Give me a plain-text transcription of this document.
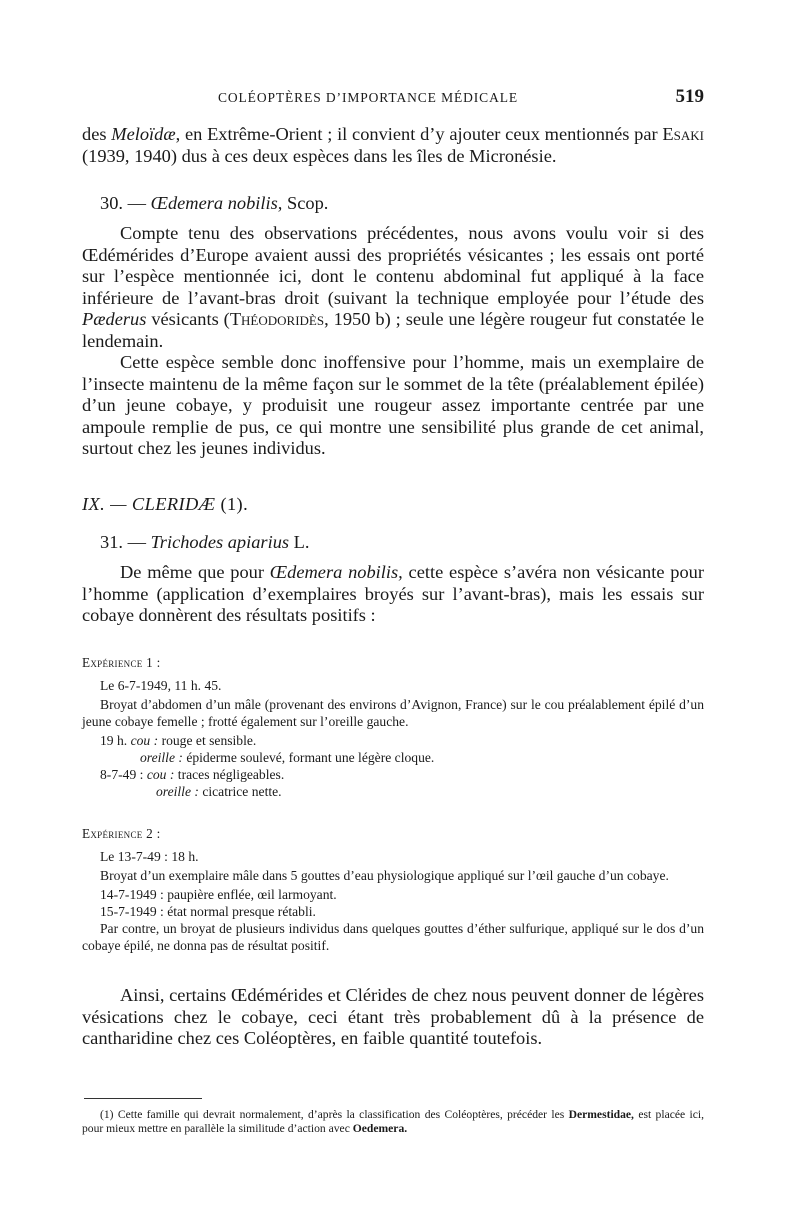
COLÉOPTÈRES D’IMPORTANCE MÉDICALE	519

des Meloïdæ, en Extrême-Orient ; il convient d’y ajouter ceux mentionnés par Esaki (1939, 1940) dus à ces deux espèces dans les îles de Micronésie.

30. — Œdemera nobilis, Scop.

Compte tenu des observations précédentes, nous avons voulu voir si des Œdémérides d’Europe avaient aussi des propriétés vésicantes ; les essais ont porté sur l’espèce mentionnée ici, dont le contenu abdominal fut appliqué à la face inférieure de l’avant-bras droit (suivant la technique employée pour l’étude des Pæderus vésicants (Théodoridès, 1950 b) ; seule une légère rougeur fut constatée le lendemain.

Cette espèce semble donc inoffensive pour l’homme, mais un exemplaire de l’insecte maintenu de la même façon sur le sommet de la tête (préalablement épilée) d’un jeune cobaye, y produisit une rougeur assez importante centrée par une ampoule remplie de pus, ce qui montre une sensibilité plus grande de cet animal, surtout chez les jeunes individus.

IX. — CLERIDÆ (1).
31. — Trichodes apiarius L.

De même que pour Œdemera nobilis, cette espèce s’avéra non vésicante pour l’homme (application d’exemplaires broyés sur l’avant-bras), mais les essais sur cobaye donnèrent des résultats positifs :

Expérience 1 :

Le 6-7-1949, 11 h. 45.

Broyat d’abdomen d’un mâle (provenant des environs d’Avignon, France) sur le cou préalablement épilé d’un jeune cobaye femelle ; frotté également sur l’oreille gauche.

19 h. cou : rouge et sensible.

oreille : épiderme soulevé, formant une légère cloque.

8-7-49 : cou : traces négligeables.

oreille : cicatrice nette.

Expérience 2 :

Le 13-7-49 : 18 h.

Broyat d’un exemplaire mâle dans 5 gouttes d’eau physiologique appliqué sur l’œil gauche d’un cobaye.

14-7-1949 : paupière enflée, œil larmoyant.

15-7-1949 : état normal presque rétabli.

Par contre, un broyat de plusieurs individus dans quelques gouttes d’éther sulfurique, appliqué sur le dos d’un cobaye épilé, ne donna pas de résultat positif.

Ainsi, certains Œdémérides et Clérides de chez nous peuvent donner de légères vésications chez le cobaye, ceci étant très probablement dû à la présence de cantharidine chez ces Coléoptères, en faible quantité toutefois.

(1) Cette famille qui devrait normalement, d’après la classification des Coléoptères, précéder les Dermestidae, est placée ici, pour mieux mettre en parallèle la similitude d’action avec Oedemera.
